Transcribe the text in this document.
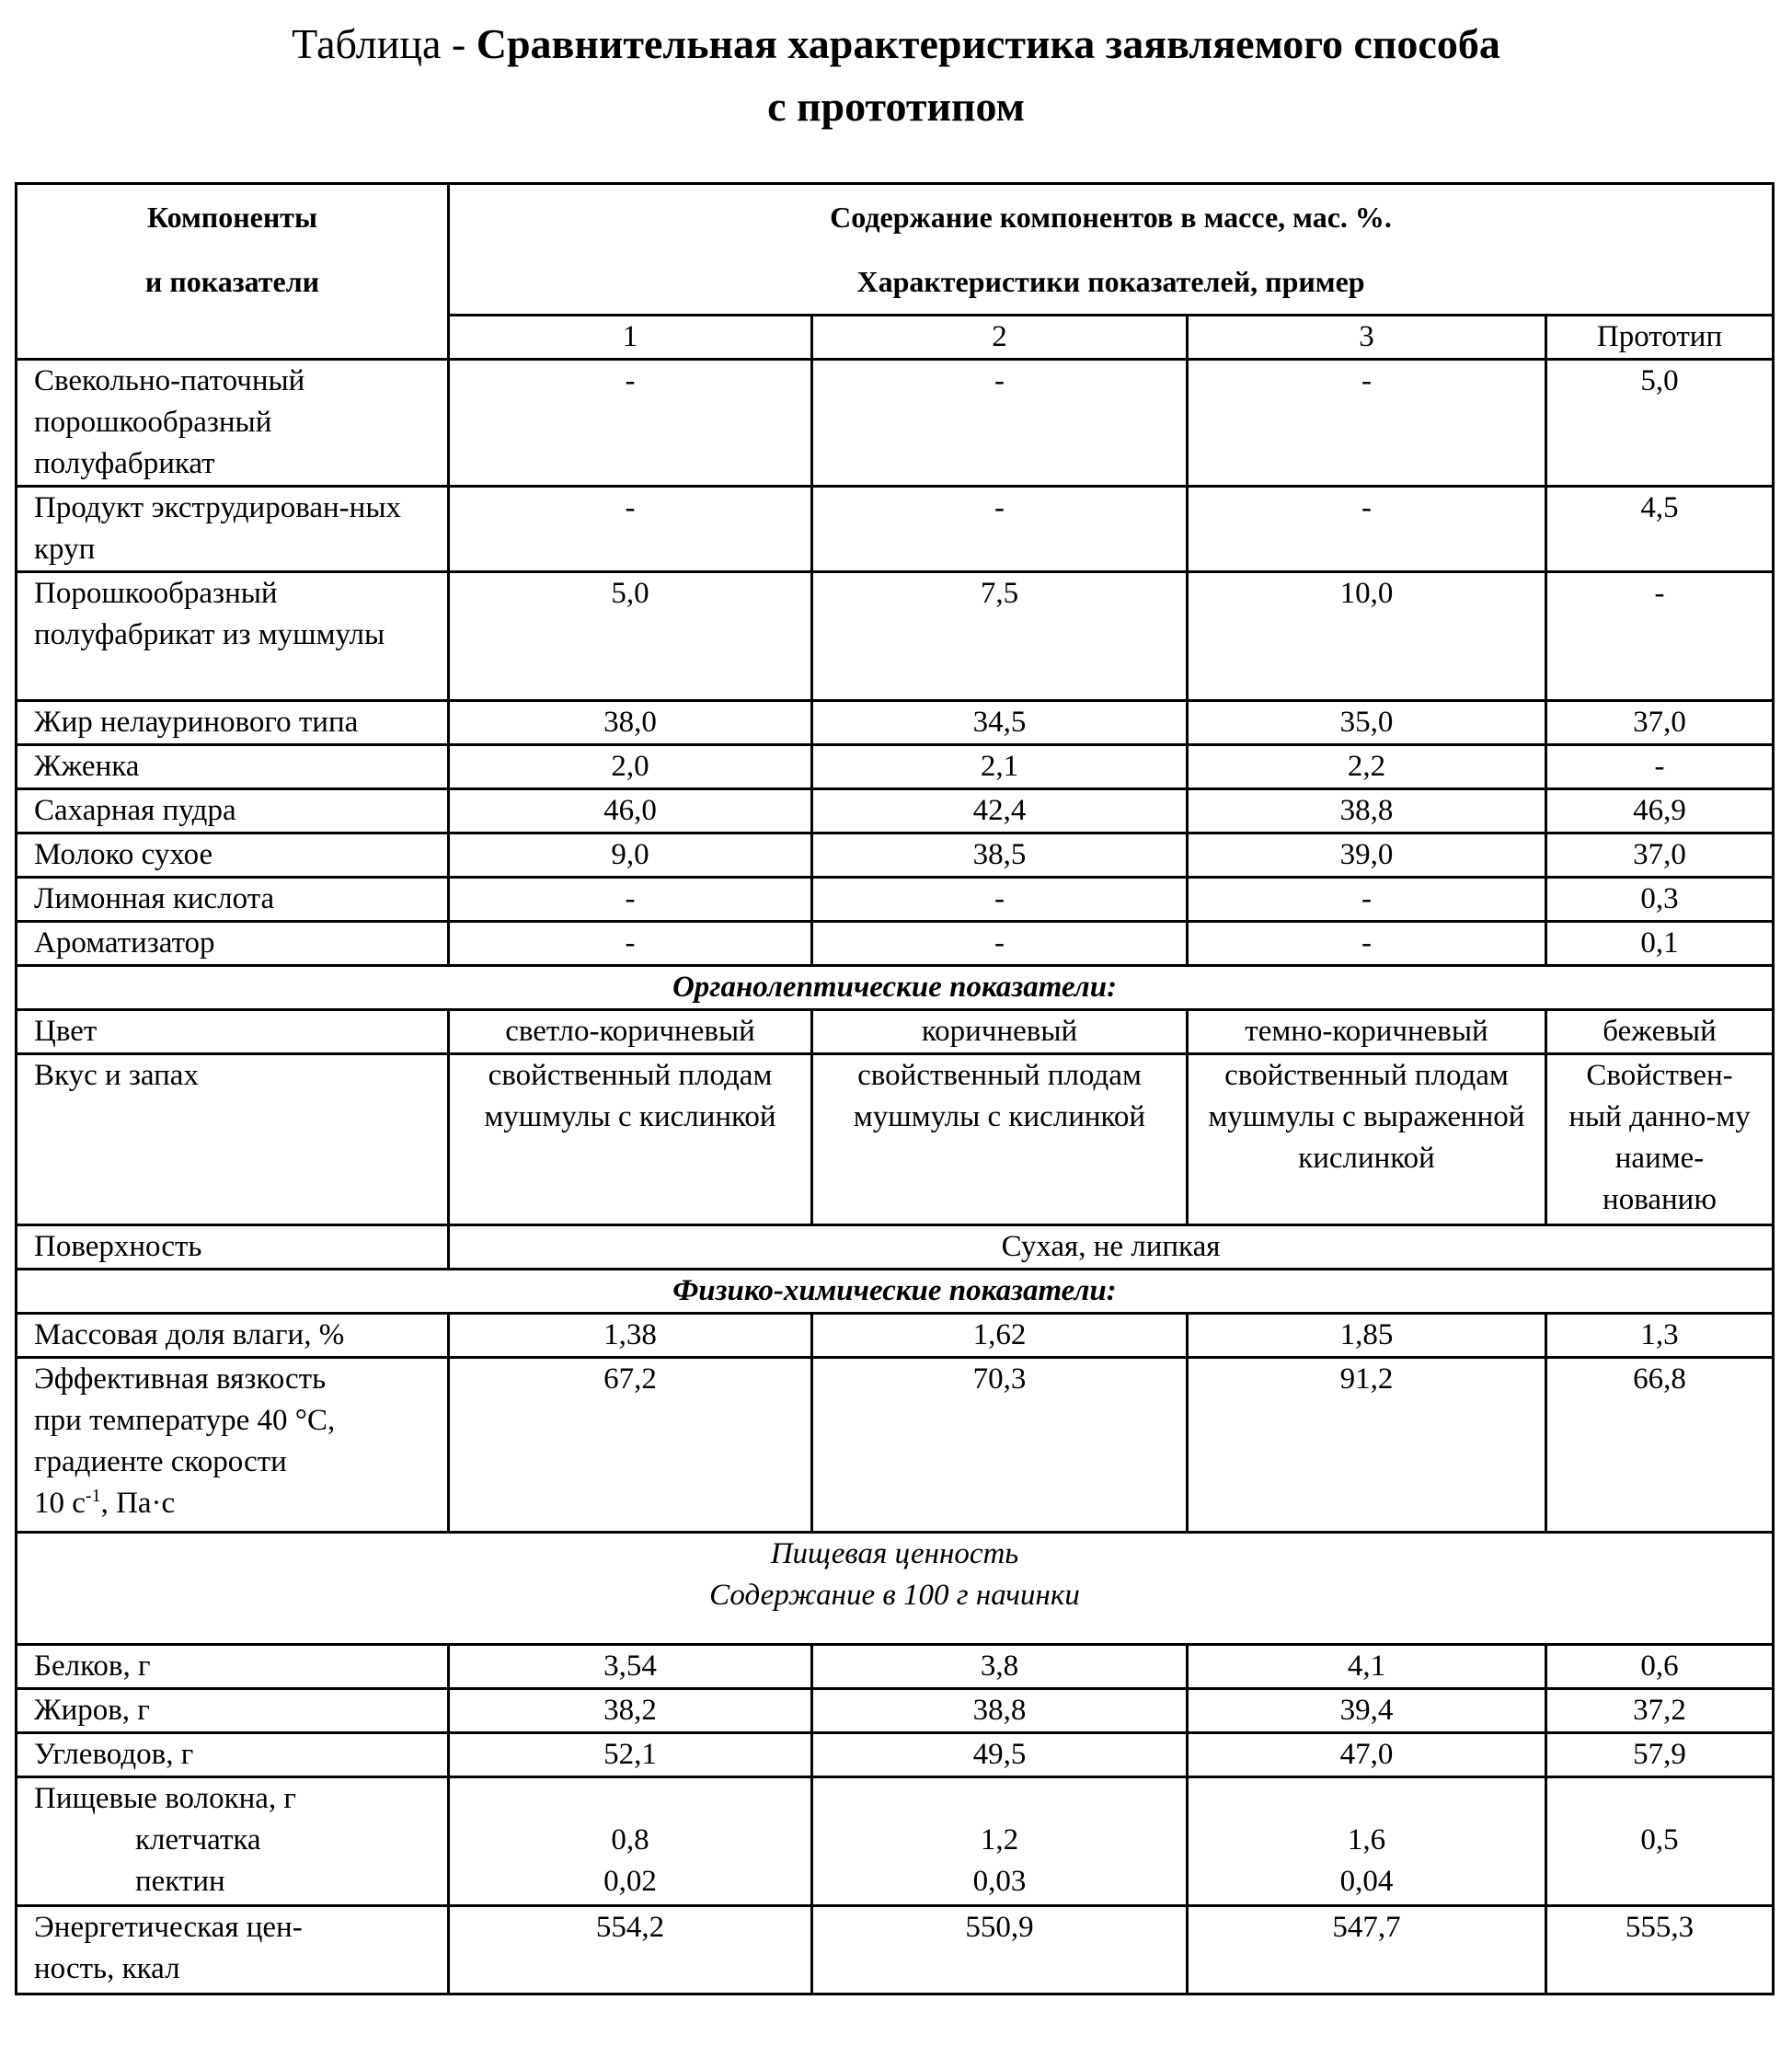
Таблица - Сравнительная характеристика заявляемого способа
с прототипом
Компоненты
и показатели

Содержание компонентов в массе, мас. %.
Характеристики показателей, пример

1	2	3	Прототип
Свекольно-паточный порошкообразный полуфабрикат	-	-	-	5,0
Продукт экструдирован-ных круп	-	-	-	4,5
Порошкообразный полуфабрикат из мушмулы	5,0	7,5	10,0	-
Жир нелауринового типа	38,0	34,5	35,0	37,0
Жженка	2,0	2,1	2,2	-
Сахарная пудра	46,0	42,4	38,8	46,9
Молоко сухое	9,0	38,5	39,0	37,0
Лимонная кислота	-	-	-	0,3
Ароматизатор	-	-	-	0,1
Органолептические показатели:
Цвет	светло-коричневый	коричневый	темно-коричневый	бежевый
Вкус и запах	свойственный плодам мушмулы с кислинкой	свойственный плодам мушмулы с кислинкой	свойственный плодам мушмулы с выраженной кислинкой	Свойствен-ный данно-му наиме-нованию
Поверхность	Сухая, не липкая
Физико-химические показатели:
Массовая доля влаги, %	1,38	1,62	1,85	1,3

Эффективная вязкость
при температуре 40 °С,
градиенте скорости
10 с-1, Па·с
	67,2	70,3	91,2	66,8

Пищевая ценность
Содержание в 100 г начинки

Белков, г	3,54	3,8	4,1	0,6
Жиров, г	38,2	38,8	39,4	37,2
Углеводов, г	52,1	49,5	47,0	57,9

Пищевые волокна, г
клетчатка
пектин

0,8
0,02

1,2
0,03

1,6
0,04

0,5

Энергетическая цен-
ность, ккал
	554,2	550,9	547,7	555,3
